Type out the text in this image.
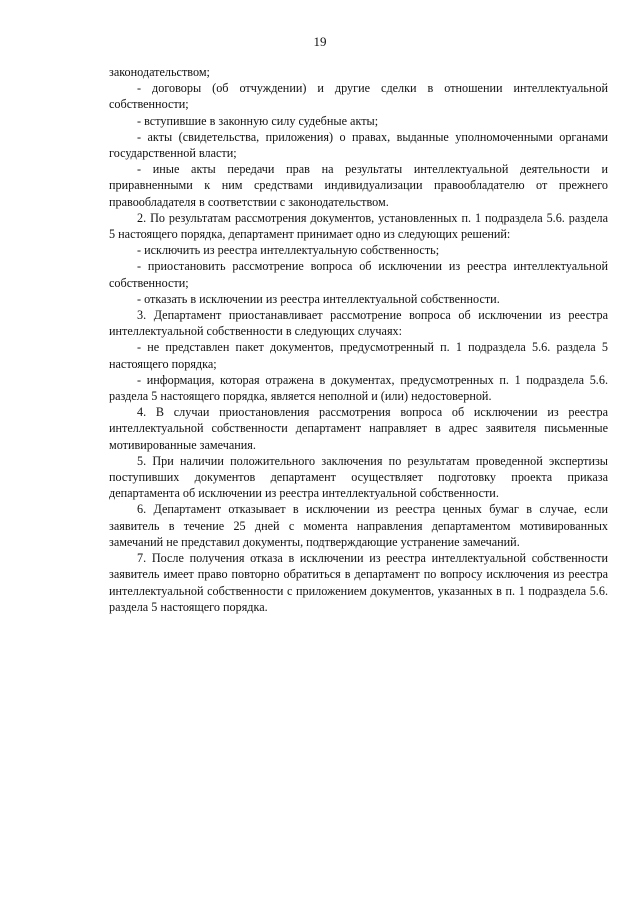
19

законодательством;

- договоры (об отчуждении) и другие сделки в отношении интеллектуальной собственности;

- вступившие в законную силу судебные акты;

- акты (свидетельства, приложения) о правах, выданные уполномоченными органами государственной власти;

- иные акты передачи прав на результаты интеллектуальной деятельности и приравненными к ним средствами индивидуализации правообладателю от прежнего правообладателя в соответствии с законодательством.

2. По результатам рассмотрения документов, установленных п. 1 подраздела 5.6. раздела 5 настоящего порядка, департамент принимает одно из следующих решений:

- исключить из реестра интеллектуальную собственность;

- приостановить рассмотрение вопроса об исключении из реестра интеллектуальной собственности;

- отказать в исключении из реестра интеллектуальной собственности.

3. Департамент приостанавливает рассмотрение вопроса об исключении из реестра интеллектуальной собственности в следующих случаях:

- не представлен пакет документов, предусмотренный п. 1 подраздела 5.6. раздела 5 настоящего порядка;

- информация, которая отражена в документах, предусмотренных п. 1 подраздела 5.6. раздела 5 настоящего порядка, является неполной и (или) недостоверной.

4. В случаи приостановления рассмотрения вопроса об исключении из реестра интеллектуальной собственности департамент направляет в адрес заявителя письменные мотивированные замечания.

5. При наличии положительного заключения по результатам проведенной экспертизы поступивших документов департамент осуществляет подготовку проекта приказа департамента об исключении из реестра интеллектуальной собственности.

6. Департамент отказывает в исключении из реестра ценных бумаг в случае, если заявитель в течение 25 дней с момента направления департаментом мотивированных замечаний не представил документы, подтверждающие устранение замечаний.

7. После получения отказа в исключении из реестра интеллектуальной собственности заявитель имеет право повторно обратиться в департамент по вопросу исключения из реестра интеллектуальной собственности с приложением документов, указанных в п. 1 подраздела 5.6. раздела 5 настоящего порядка.
